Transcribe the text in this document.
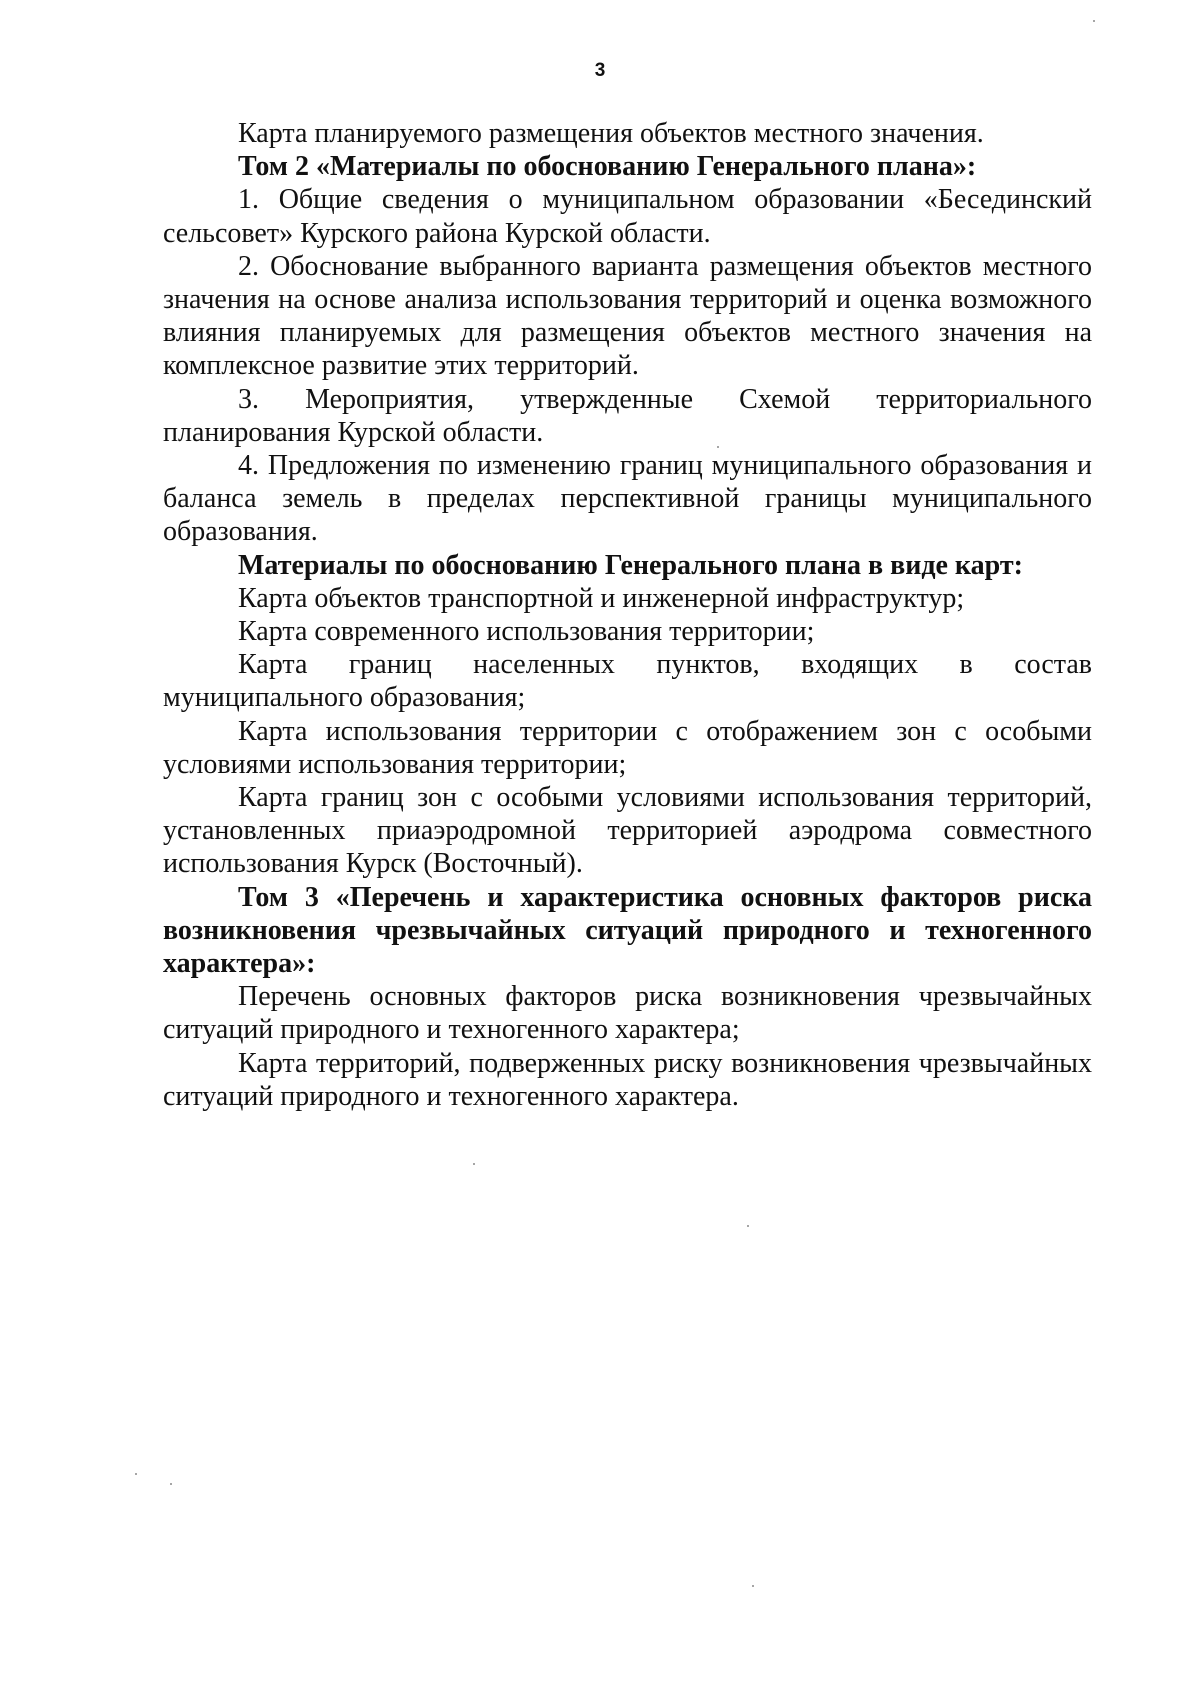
3

Карта планируемого размещения объектов местного значения.

Том 2 «Материалы по обоснованию Генерального плана»:

1. Общие сведения о муниципальном образовании «Бесединский сельсовет» Курского района Курской области.

2. Обоснование выбранного варианта размещения объектов местного значения на основе анализа использования территорий и оценка возможного влияния планируемых для размещения объектов местного значения на комплексное развитие этих территорий.

3. Мероприятия, утвержденные Схемой территориального планирования Курской области.

4. Предложения по изменению границ муниципального образования и баланса земель в пределах перспективной границы муниципального образования.

Материалы по обоснованию Генерального плана в виде карт:

Карта объектов транспортной и инженерной инфраструктур;

Карта современного использования территории;

Карта границ населенных пунктов, входящих в состав муниципального образования;

Карта использования территории с отображением зон с особыми условиями использования территории;

Карта границ зон с особыми условиями использования территорий, установленных приаэродромной территорией аэродрома совместного использования Курск (Восточный).

Том 3 «Перечень и характеристика основных факторов риска возникновения чрезвычайных ситуаций природного и техногенного характера»:

Перечень основных факторов риска возникновения чрезвычайных ситуаций природного и техногенного характера;

Карта территорий, подверженных риску возникновения чрезвычайных ситуаций природного и техногенного характера.
